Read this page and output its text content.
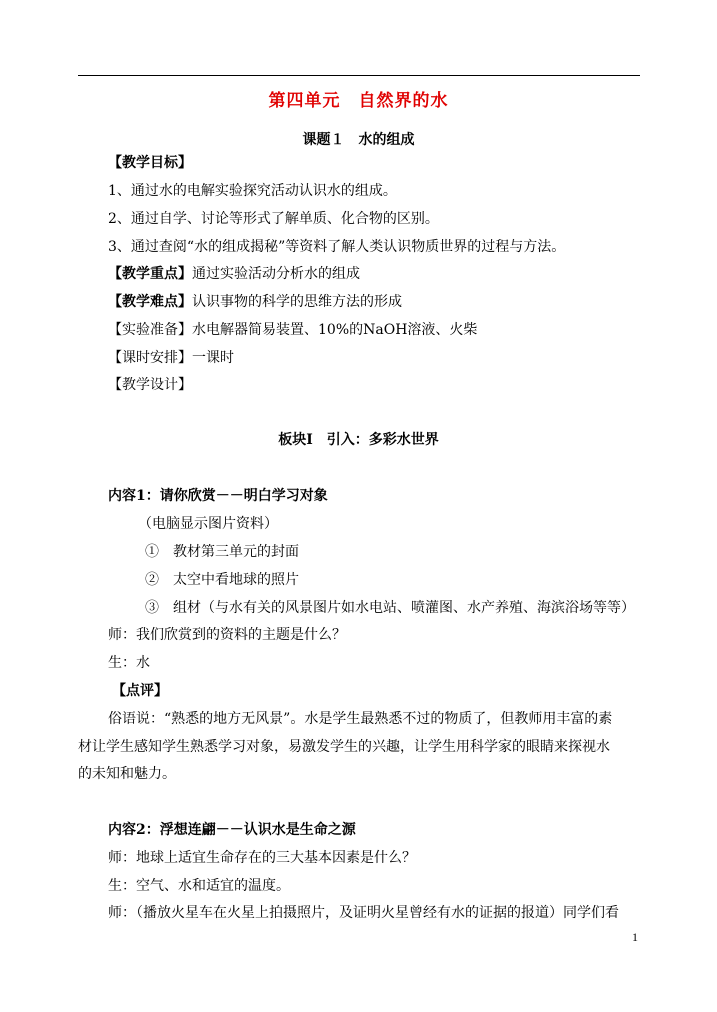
第四单元　自然界的水
课题１　水的组成
【教学目标】
1、通过水的电解实验探究活动认识水的组成。
2、通过自学、讨论等形式了解单质、化合物的区别。
3、通过查阅“水的组成揭秘”等资料了解人类认识物质世界的过程与方法。
【教学重点】通过实验活动分析水的组成
【教学难点】认识事物的科学的思维方法的形成
【实验准备】水电解器简易装置、10%的NaOH溶液、火柴
【课时安排】一课时
【教学设计】
板块Ⅰ　引入：多彩水世界
内容1：请你欣赏－－明白学习对象
（电脑显示图片资料）
①　教材第三单元的封面
②　太空中看地球的照片
③　组材（与水有关的风景图片如水电站、喷灌图、水产养殖、海滨浴场等等）
师：我们欣赏到的资料的主题是什么？
生：水
【点评】
俗语说：“熟悉的地方无风景”。水是学生最熟悉不过的物质了，但教师用丰富的素
材让学生感知学生熟悉学习对象，易激发学生的兴趣，让学生用科学家的眼睛来探视水
的未知和魅力。
内容2：浮想连翩－－认识水是生命之源
师：地球上适宜生命存在的三大基本因素是什么？
生：空气、水和适宜的温度。
师：（播放火星车在火星上拍摄照片，及证明火星曾经有水的证据的报道）同学们看
1
